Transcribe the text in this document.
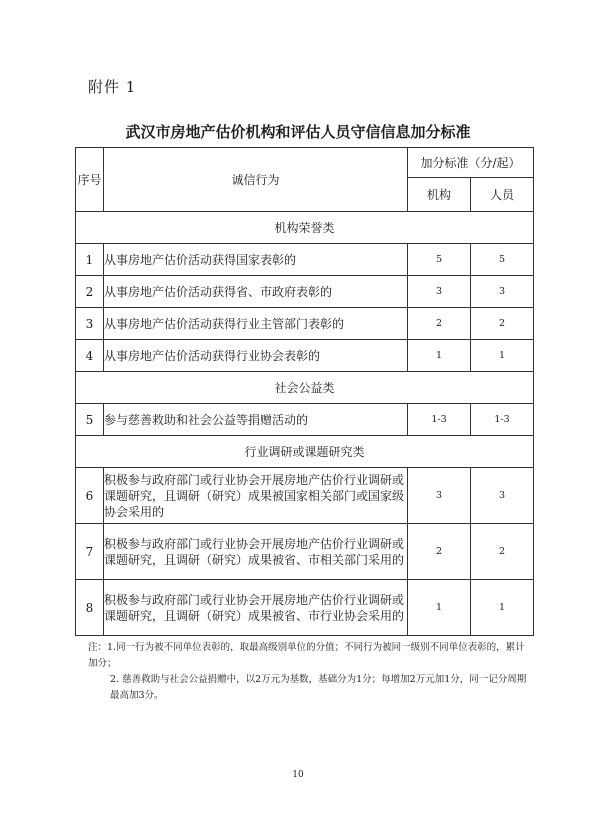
附件 1
武汉市房地产估价机构和评估人员守信信息加分标准
序号	诚信行为	加分标准（分/起）	
		机构	人员
机构荣誉类			
1	从事房地产估价活动获得国家表彰的	5	5
2	从事房地产估价活动获得省、市政府表彰的	3	3
3	从事房地产估价活动获得行业主管部门表彰的	2	2
4	从事房地产估价活动获得行业协会表彰的	1	1
社会公益类			
5	参与慈善救助和社会公益等捐赠活动的	1-3	1-3
行业调研或课题研究类			
6	积极参与政府部门或行业协会开展房地产估价行业调研或课题研究，且调研（研究）成果被国家相关部门或国家级协会采用的	3	3
7	积极参与政府部门或行业协会开展房地产估价行业调研或课题研究，且调研（研究）成果被省、市相关部门采用的	2	2
8	积极参与政府部门或行业协会开展房地产估价行业调研或课题研究，且调研（研究）成果被省、市行业协会采用的	1	1
注：1.同一行为被不同单位表彰的，取最高级别单位的分值；不同行为被同一级别不同单位表彰的，累计加分；
2. 慈善救助与社会公益捐赠中，以2万元为基数，基础分为1分；每增加2万元加1分，同一记分周期最高加3分。
10
